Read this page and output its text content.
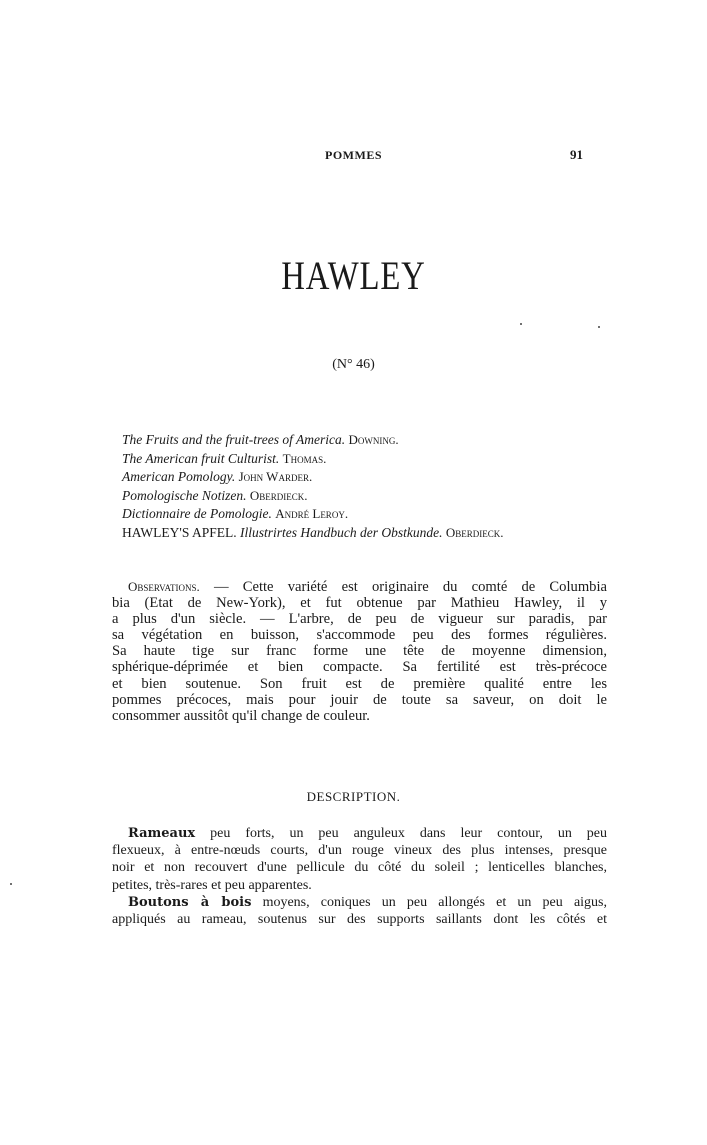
POMMES	91
HAWLEY
(N° 46)
The Fruits and the fruit-trees of America. Downing.
The American fruit Culturist. Thomas.
American Pomology. John Warder.
Pomologische Notizen. Oberdieck.
Dictionnaire de Pomologie. André Leroy.
HAWLEY'S APFEL. Illustrirtes Handbuch der Obstkunde. Oberdieck.
Observations. — Cette variété est originaire du comté de Columbia
bia (Etat de New-York), et fut obtenue par Mathieu Hawley, il y
a plus d'un siècle. — L'arbre, de peu de vigueur sur paradis, par
sa végétation en buisson, s'accommode peu des formes régulières.
Sa haute tige sur franc forme une tête de moyenne dimension,
sphérique-déprimée et bien compacte. Sa fertilité est très-précoce
et bien soutenue. Son fruit est de première qualité entre les
pommes précoces, mais pour jouir de toute sa saveur, on doit le
consommer aussitôt qu'il change de couleur.
DESCRIPTION.
Rameaux peu forts, un peu anguleux dans leur contour, un peu
flexueux, à entre-nœuds courts, d'un rouge vineux des plus intenses, presque
noir et non recouvert d'une pellicule du côté du soleil ; lenticelles blanches,
petites, très-rares et peu apparentes.
Boutons à bois moyens, coniques un peu allongés et un peu aigus,
appliqués au rameau, soutenus sur des supports saillants dont les côtés et
